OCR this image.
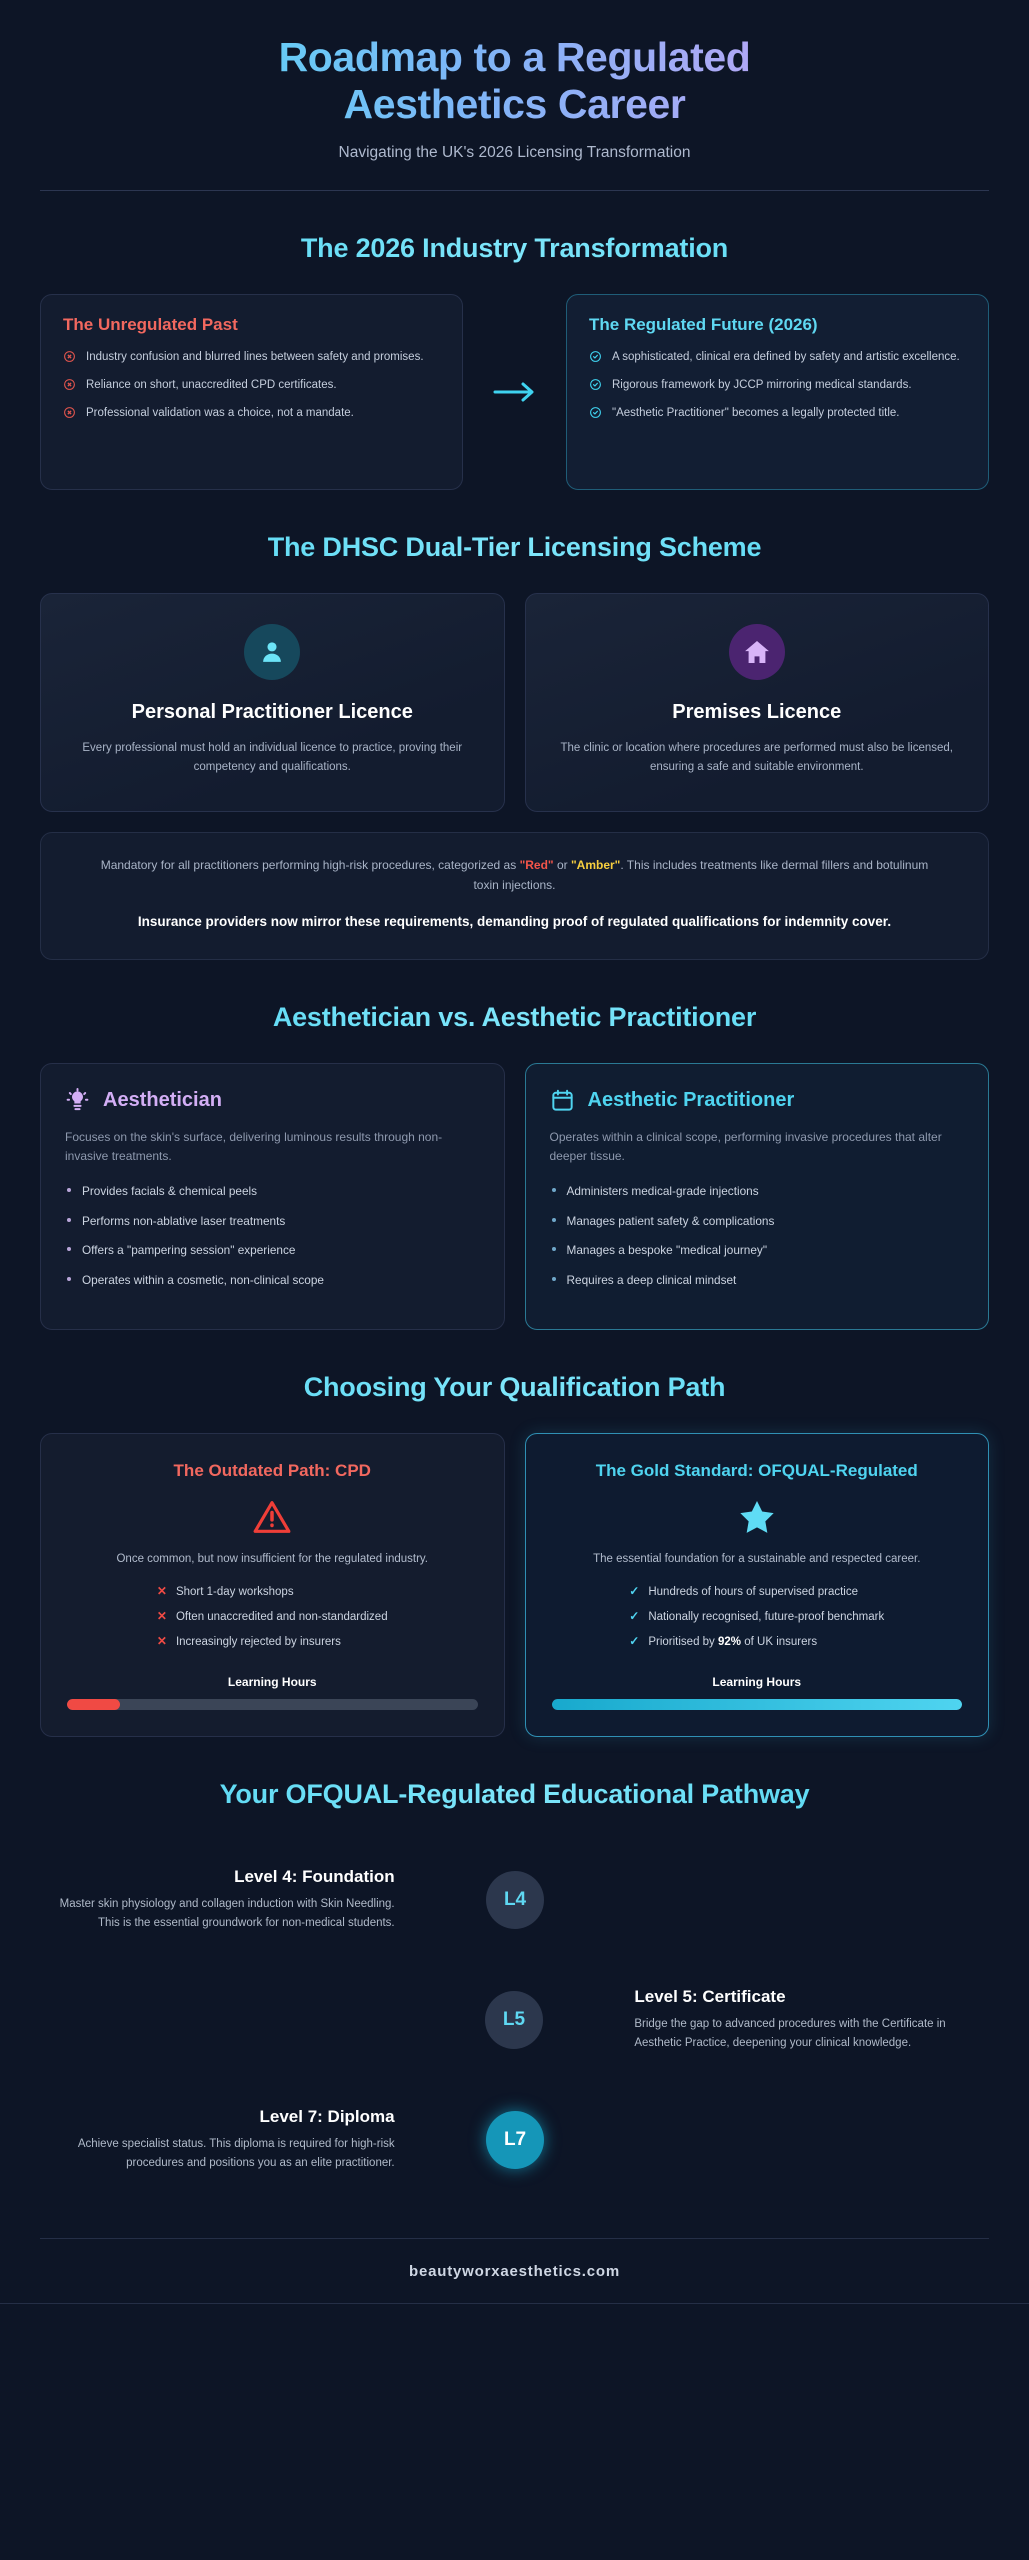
Roadmap to a Regulated
Aesthetics Career
Navigating the UK's 2026 Licensing Transformation
The 2026 Industry Transformation
The Unregulated Past
Industry confusion and blurred lines between safety and promises.
Reliance on short, unaccredited CPD certificates.
Professional validation was a choice, not a mandate.
The Regulated Future (2026)
A sophisticated, clinical era defined by safety and artistic excellence.
Rigorous framework by JCCP mirroring medical standards.
"Aesthetic Practitioner" becomes a legally protected title.
The DHSC Dual-Tier Licensing Scheme
Personal Practitioner Licence

Every professional must hold an individual licence to practice, proving their competency and qualifications.

Premises Licence

The clinic or location where procedures are performed must also be licensed, ensuring a safe and suitable environment.

Mandatory for all practitioners performing high-risk procedures, categorized as "Red" or "Amber". This includes treatments like dermal fillers and botulinum toxin injections.
Insurance providers now mirror these requirements, demanding proof of regulated qualifications for indemnity cover.
Aesthetician vs. Aesthetic Practitioner
Aesthetician
Focuses on the skin's surface, delivering luminous results through non-invasive treatments.
Provides facials & chemical peels
Performs non-ablative laser treatments
Offers a "pampering session" experience
Operates within a cosmetic, non-clinical scope
Aesthetic Practitioner
Operates within a clinical scope, performing invasive procedures that alter deeper tissue.
Administers medical-grade injections
Manages patient safety & complications
Manages a bespoke "medical journey"
Requires a deep clinical mindset
Choosing Your Qualification Path
The Outdated Path: CPD
Once common, but now insufficient for the regulated industry.
✕ Short 1-day workshops
✕ Often unaccredited and non-standardized
✕ Increasingly rejected by insurers
Learning Hours
The Gold Standard: OFQUAL-Regulated
The essential foundation for a sustainable and respected career.
✓ Hundreds of hours of supervised practice
✓ Nationally recognised, future-proof benchmark
✓ Prioritised by 92% of UK insurers
Learning Hours
Your OFQUAL-Regulated Educational Pathway
Level 4: Foundation

Master skin physiology and collagen induction with Skin Needling. This is the essential groundwork for non-medical students.

L4
L5
Level 5: Certificate

Bridge the gap to advanced procedures with the Certificate in Aesthetic Practice, deepening your clinical knowledge.

Level 7: Diploma

Achieve specialist status. This diploma is required for high-risk procedures and positions you as an elite practitioner.

L7
beautyworxaesthetics.com
